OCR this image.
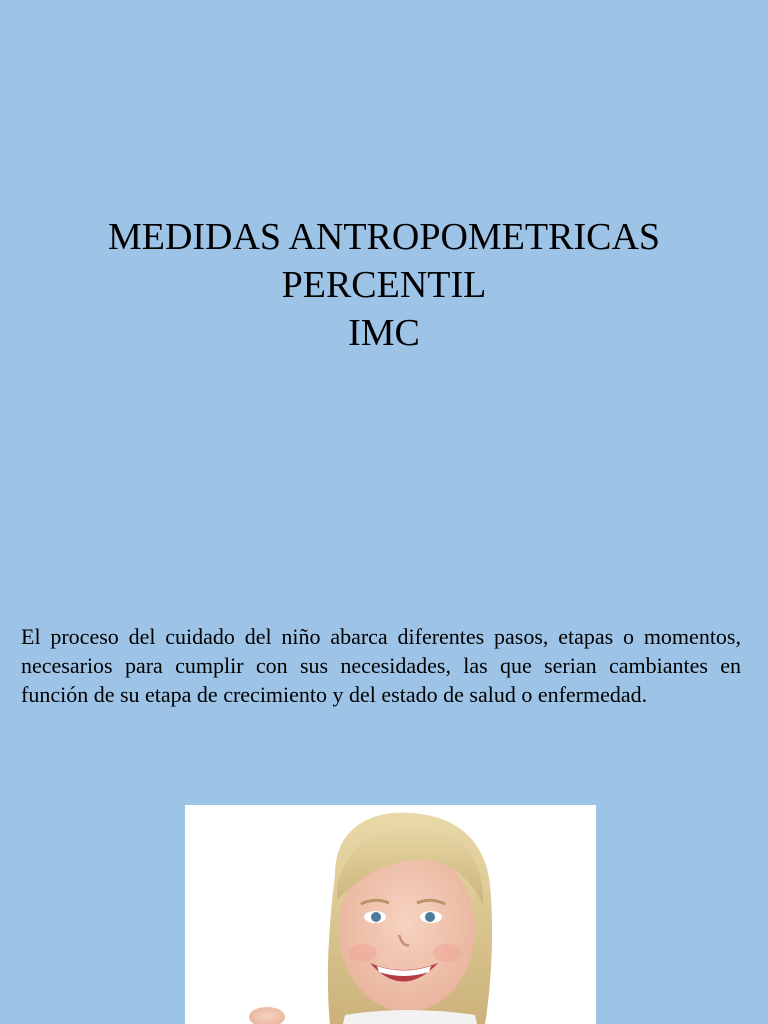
MEDIDAS ANTROPOMETRICAS
PERCENTIL
IMC

El proceso del cuidado del niño abarca diferentes pasos, etapas o momentos, necesarios para cumplir con sus necesidades, las que serian cambiantes en función de su etapa de crecimiento y del estado de salud o enfermedad.
